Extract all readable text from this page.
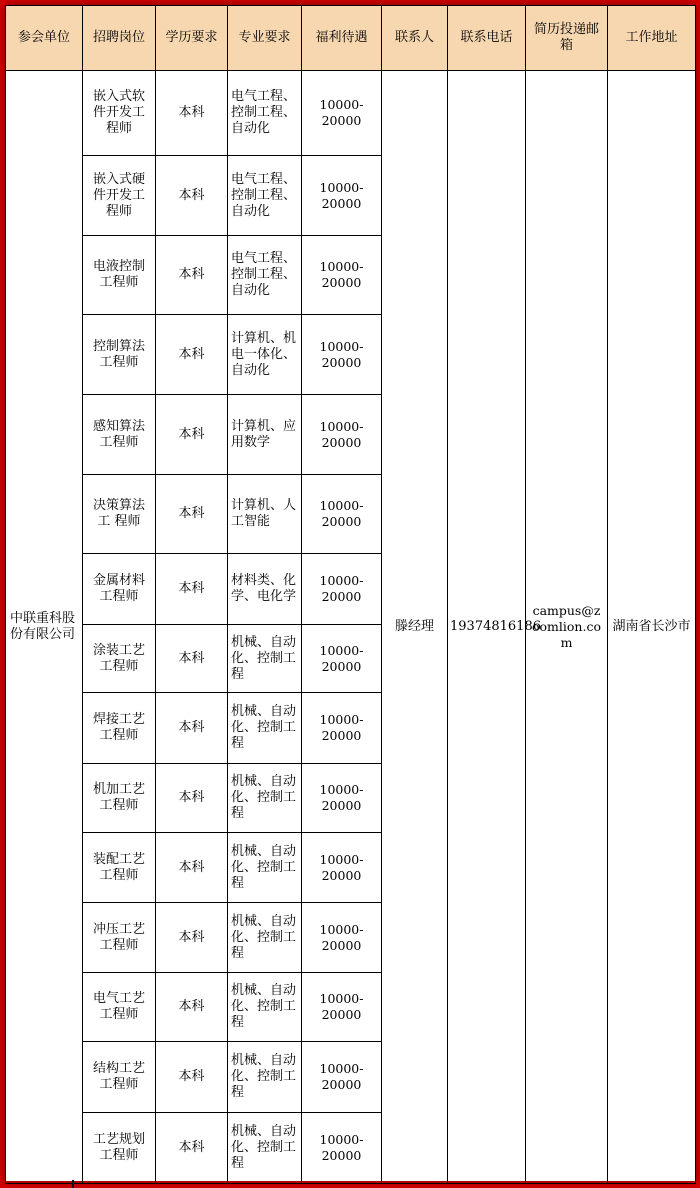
参会单位	招聘岗位	学历要求	专业要求	福利待遇	联系人	联系电话	简历投递邮箱	工作地址
中联重科股份有限公司	嵌入式软件开发工程师	本科	电气工程、控制工程、自动化	10000-20000	滕经理	19374816186	campus@zoomlion.com	湖南省长沙市
	嵌入式硬件开发工程师	本科	电气工程、控制工程、自动化	10000-20000				
	电液控制工程师	本科	电气工程、控制工程、自动化	10000-20000				
	控制算法工程师	本科	计算机、机电一体化、自动化	10000-20000				
	感知算法工程师	本科	计算机、应用数学	10000-20000				
	决策算法工 程师	本科	计算机、人工智能	10000-20000				
	金属材料工程师	本科	材料类、化学、电化学	10000-20000				
	涂装工艺工程师	本科	机械、自动化、控制工程	10000-20000				
	焊接工艺工程师	本科	机械、自动化、控制工程	10000-20000				
	机加工艺工程师	本科	机械、自动化、控制工程	10000-20000				
	装配工艺工程师	本科	机械、自动化、控制工程	10000-20000				
	冲压工艺工程师	本科	机械、自动化、控制工程	10000-20000				
	电气工艺工程师	本科	机械、自动化、控制工程	10000-20000				
	结构工艺工程师	本科	机械、自动化、控制工程	10000-20000				
	工艺规划工程师	本科	机械、自动化、控制工程	10000-20000				
